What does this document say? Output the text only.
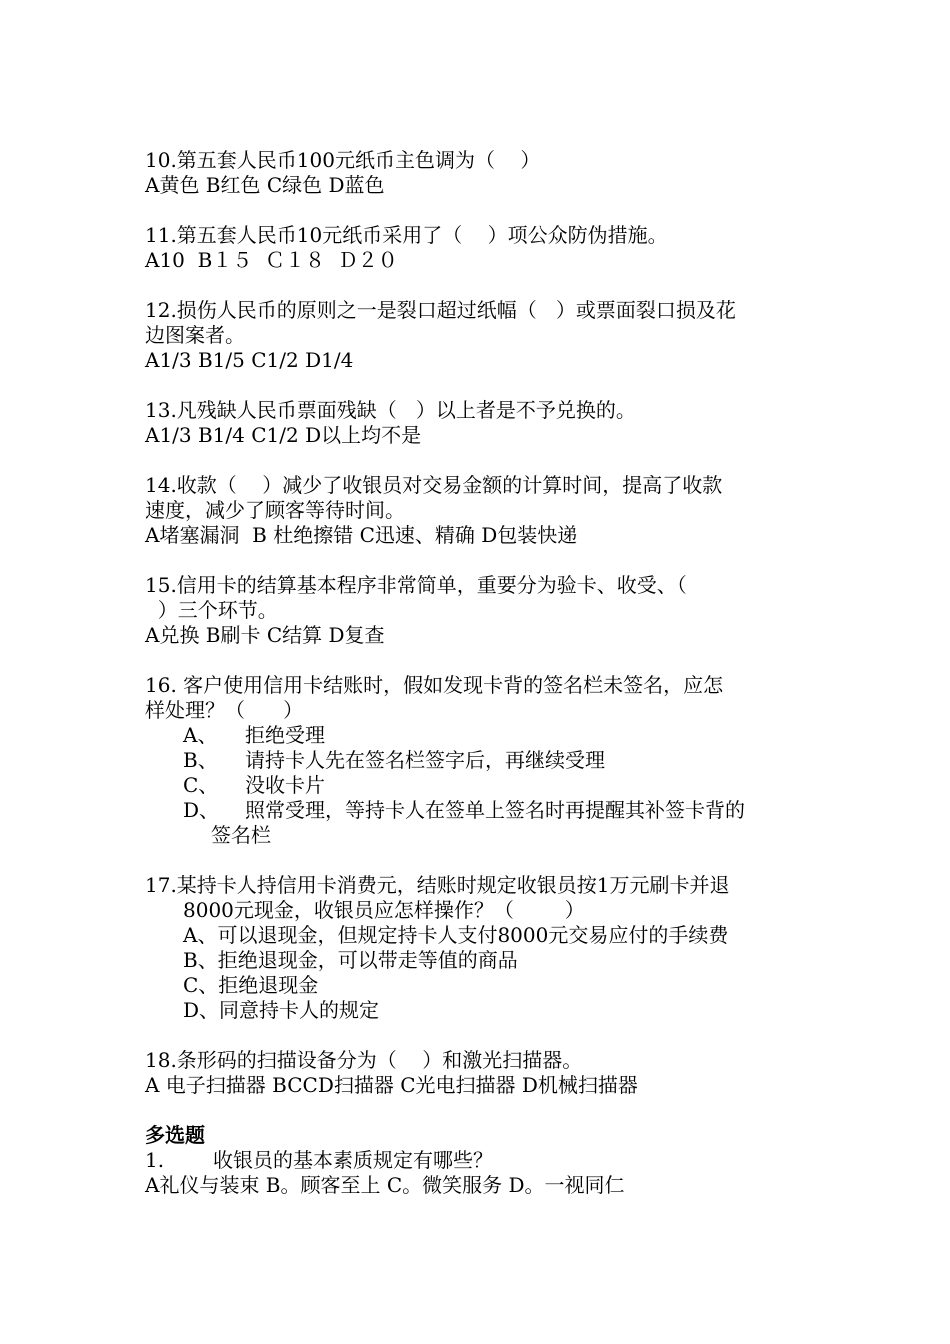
10.第五套人民币100元纸币主色调为（    ）
A黄色 B红色 C绿色 D蓝色
11.第五套人民币10元纸币采用了（    ）项公众防伪措施。
A10  B１５  Ｃ１８  Ｄ２０
12.损伤人民币的原则之一是裂口超过纸幅（   ）或票面裂口损及花
边图案者。
A1/3 B1/5 C1/2 D1/4
13.凡残缺人民币票面残缺（   ）以上者是不予兑换的。
A1/3 B1/4 C1/2 D以上均不是
14.收款（    ）减少了收银员对交易金额的计算时间，提高了收款
速度，减少了顾客等待时间。
A堵塞漏洞  B 杜绝擦错 C迅速、精确 D包装快递
15.信用卡的结算基本程序非常简单，重要分为验卡、收受、（
）三个环节。
A兑换 B刷卡 C结算 D复查
16. 客户使用信用卡结账时，假如发现卡背的签名栏未签名，应怎
样处理？（      ）
A、	拒绝受理
B、	请持卡人先在签名栏签字后，再继续受理
C、	没收卡片
D、	照常受理，等持卡人在签单上签名时再提醒其补签卡背的
签名栏
17.某持卡人持信用卡消费元，结账时规定收银员按1万元刷卡并退
8000元现金，收银员应怎样操作？（        ）
A、可以退现金，但规定持卡人支付8000元交易应付的手续费
B、拒绝退现金，可以带走等值的商品
C、拒绝退现金
D、同意持卡人的规定
18.条形码的扫描设备分为（    ）和激光扫描器。
A 电子扫描器 BCCD扫描器 C光电扫描器 D机械扫描器
多选题
1.	收银员的基本素质规定有哪些？
A礼仪与装束 B。顾客至上 C。微笑服务 D。一视同仁
